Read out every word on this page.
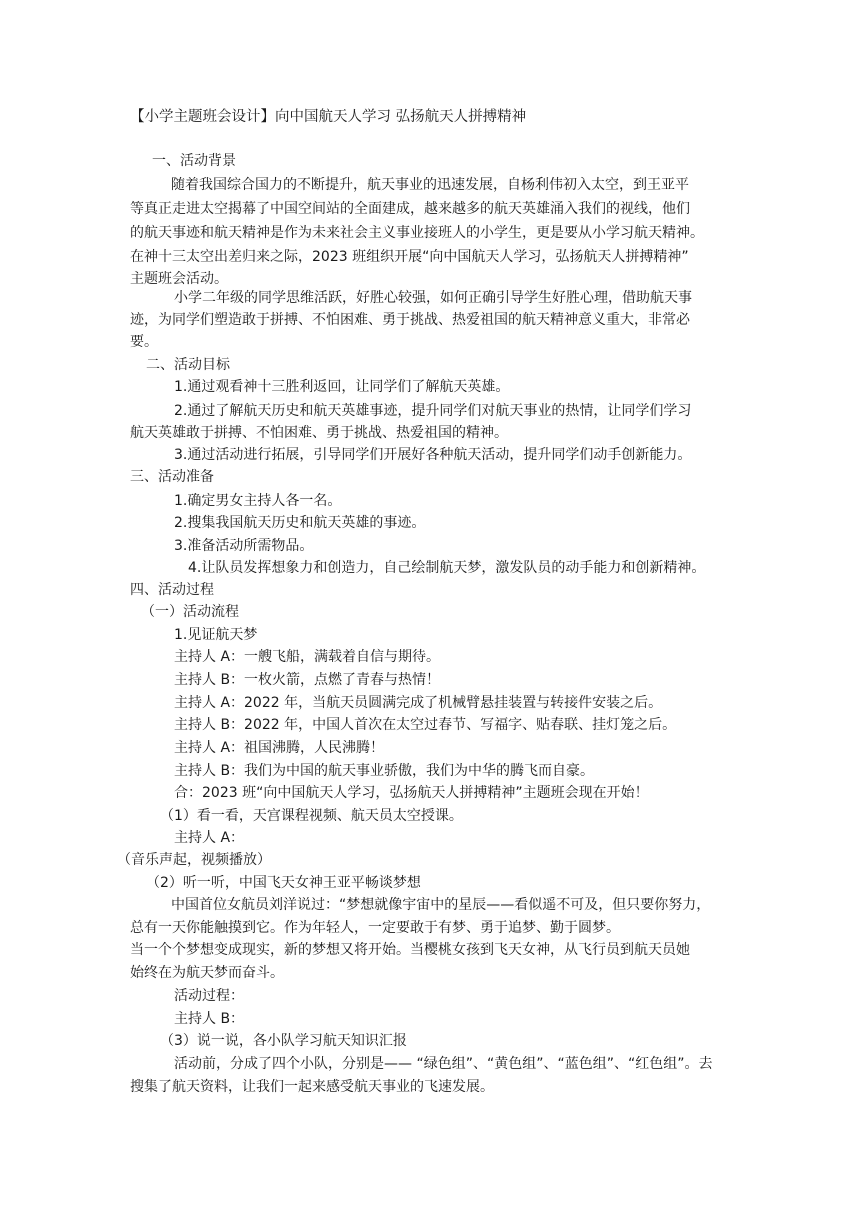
【小学主题班会设计】向中国航天人学习 弘扬航天人拼搏精神
一、活动背景
随着我国综合国力的不断提升，航天事业的迅速发展，自杨利伟初入太空，到王亚平
等真正走进太空揭幕了中国空间站的全面建成，越来越多的航天英雄涌入我们的视线，他们
的航天事迹和航天精神是作为未来社会主义事业接班人的小学生，更是要从小学习航天精神。
在神十三太空出差归来之际，2023 班组织开展“向中国航天人学习，弘扬航天人拼搏精神”
主题班会活动。
小学二年级的同学思维活跃，好胜心较强，如何正确引导学生好胜心理，借助航天事
迹，为同学们塑造敢于拼搏、不怕困难、勇于挑战、热爱祖国的航天精神意义重大，非常必
要。
二、活动目标
1.通过观看神十三胜利返回，让同学们了解航天英雄。
2.通过了解航天历史和航天英雄事迹，提升同学们对航天事业的热情，让同学们学习
航天英雄敢于拼搏、不怕困难、勇于挑战、热爱祖国的精神。
3.通过活动进行拓展，引导同学们开展好各种航天活动，提升同学们动手创新能力。
三、活动准备
1.确定男女主持人各一名。
2.搜集我国航天历史和航天英雄的事迹。
3.准备活动所需物品。
4.让队员发挥想象力和创造力，自己绘制航天梦，激发队员的动手能力和创新精神。
四、活动过程
（一）活动流程
1.见证航天梦
主持人 A：一艘飞船，满载着自信与期待。
主持人 B：一枚火箭，点燃了青春与热情！
主持人 A：2022 年，当航天员圆满完成了机械臂悬挂装置与转接件安装之后。
主持人 B：2022 年，中国人首次在太空过春节、写福字、贴春联、挂灯笼之后。
主持人 A：祖国沸腾，人民沸腾！
主持人 B：我们为中国的航天事业骄傲，我们为中华的腾飞而自豪。
合：2023 班“向中国航天人学习，弘扬航天人拼搏精神”主题班会现在开始！
（1）看一看，天宫课程视频、航天员太空授课。
主持人 A：
（音乐声起，视频播放）
（2）听一听，中国飞天女神王亚平畅谈梦想
中国首位女航员刘洋说过：“梦想就像宇宙中的星辰——看似遥不可及，但只要你努力，
总有一天你能触摸到它。作为年轻人，一定要敢于有梦、勇于追梦、勤于圆梦。
当一个个梦想变成现实，新的梦想又将开始。当樱桃女孩到飞天女神，从飞行员到航天员她
始终在为航天梦而奋斗。
活动过程：
主持人 B：
（3）说一说，各小队学习航天知识汇报
活动前，分成了四个小队，分别是—— “绿色组”、“黄色组”、“蓝色组”、“红色组”。去
搜集了航天资料，让我们一起来感受航天事业的飞速发展。
